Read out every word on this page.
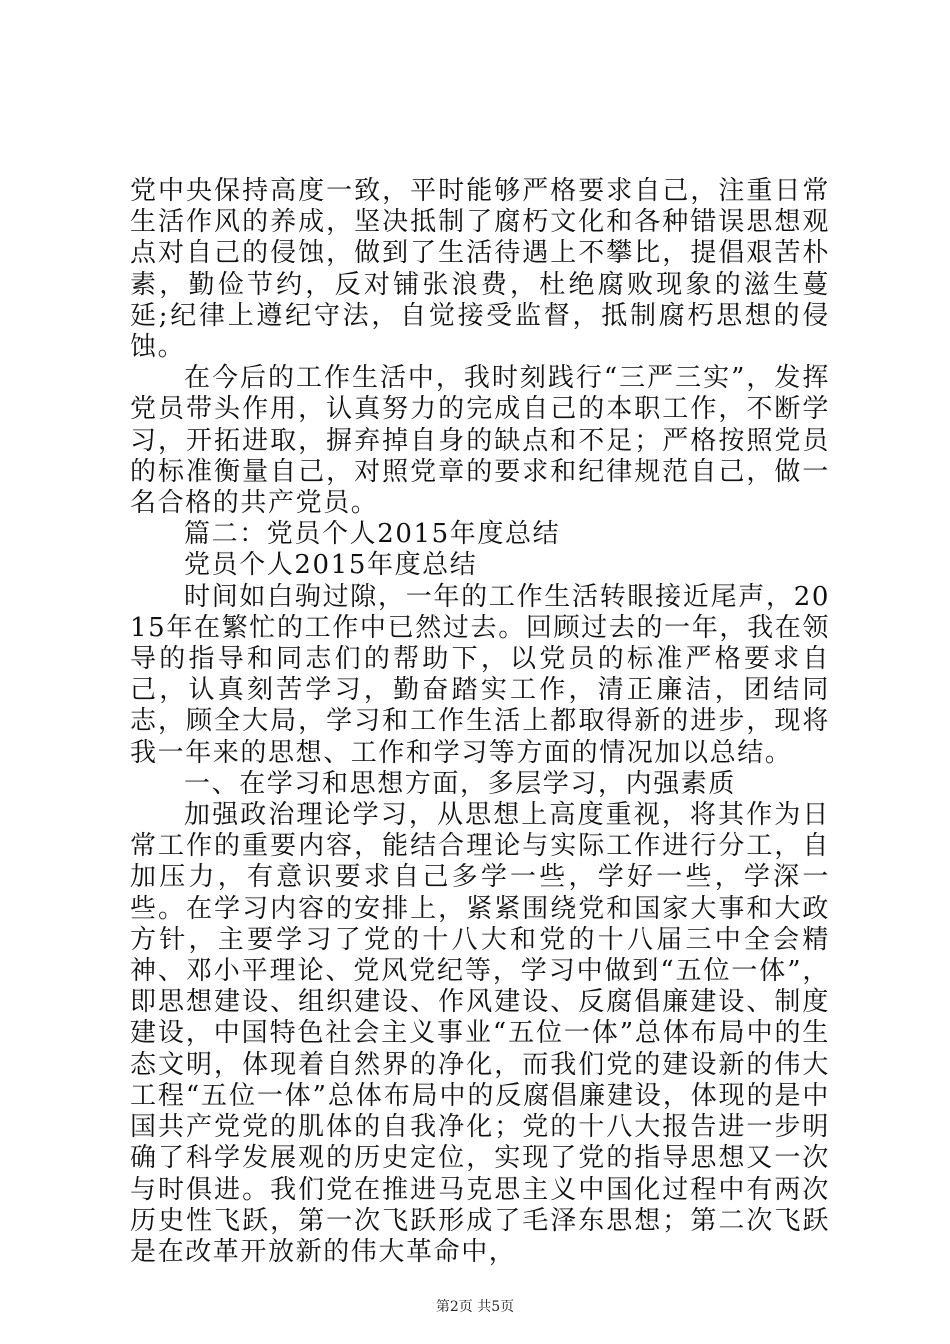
党中央保持高度一致，平时能够严格要求自己，注重日常生活作风的养成，坚决抵制了腐朽文化和各种错误思想观点对自己的侵蚀，做到了生活待遇上不攀比，提倡艰苦朴素，勤俭节约，反对铺张浪费，杜绝腐败现象的滋生蔓延;纪律上遵纪守法，自觉接受监督，抵制腐朽思想的侵蚀。

在今后的工作生活中，我时刻践行“三严三实”，发挥党员带头作用，认真努力的完成自己的本职工作，不断学习，开拓进取，摒弃掉自身的缺点和不足；严格按照党员的标准衡量自己，对照党章的要求和纪律规范自己，做一名合格的共产党员。

篇二：党员个人2015年度总结

党员个人2015年度总结

时间如白驹过隙，一年的工作生活转眼接近尾声，2015年在繁忙的工作中已然过去。回顾过去的一年，我在领导的指导和同志们的帮助下，以党员的标准严格要求自己，认真刻苦学习，勤奋踏实工作，清正廉洁，团结同志，顾全大局，学习和工作生活上都取得新的进步，现将我一年来的思想、工作和学习等方面的情况加以总结。

一、在学习和思想方面，多层学习，内强素质

加强政治理论学习，从思想上高度重视，将其作为日常工作的重要内容，能结合理论与实际工作进行分工，自加压力，有意识要求自己多学一些，学好一些，学深一些。在学习内容的安排上，紧紧围绕党和国家大事和大政方针，主要学习了党的十八大和党的十八届三中全会精神、邓小平理论、党风党纪等，学习中做到“五位一体”，即思想建设、组织建设、作风建设、反腐倡廉建设、制度建设，中国特色社会主义事业“五位一体”总体布局中的生态文明，体现着自然界的净化，而我们党的建设新的伟大工程“五位一体”总体布局中的反腐倡廉建设，体现的是中国共产党党的肌体的自我净化；党的十八大报告进一步明确了科学发展观的历史定位，实现了党的指导思想又一次与时俱进。我们党在推进马克思主义中国化过程中有两次历史性飞跃，第一次飞跃形成了毛泽东思想；第二次飞跃是在改革开放新的伟大革命中，

第2页 共5页
